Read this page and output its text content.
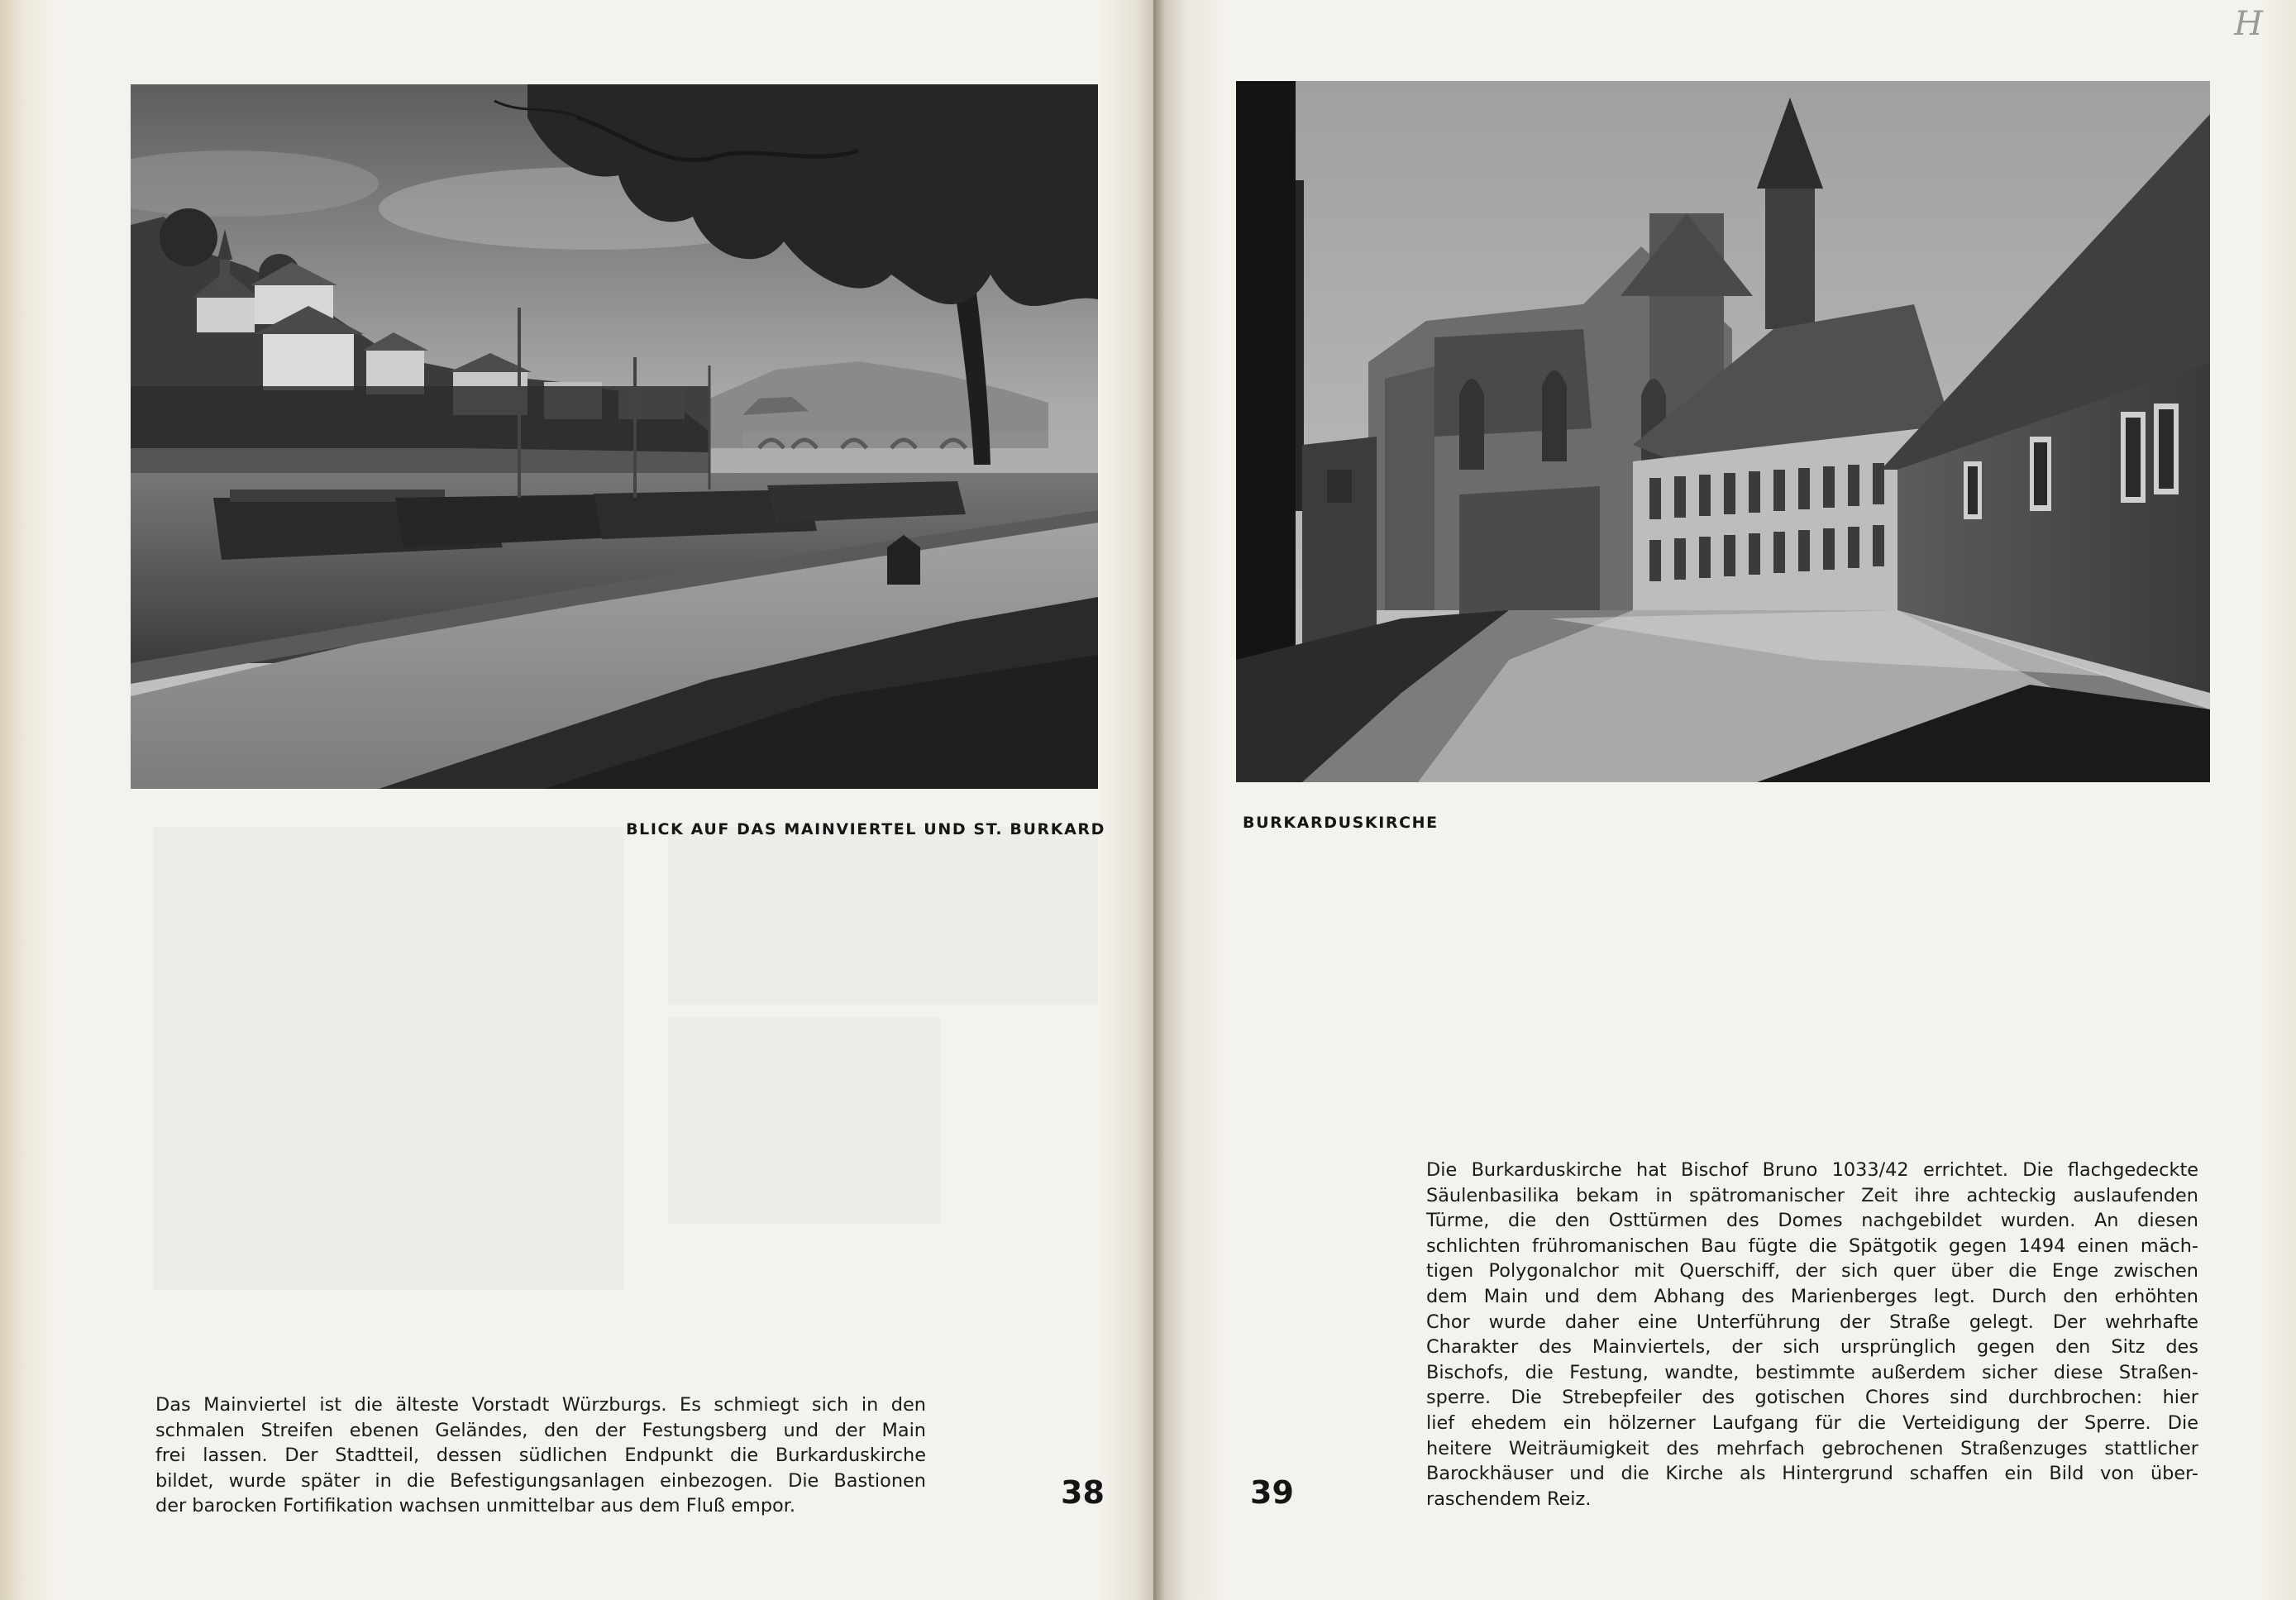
BLICK AUF DAS MAINVIERTEL UND ST. BURKARD

Das Mainviertel ist die älteste Vorstadt Würzburgs. Es schmiegt sich in den
schmalen Streifen ebenen Geländes, den der Festungsberg und der Main
frei lassen. Der Stadtteil, dessen südlichen Endpunkt die Burkarduskirche
bildet, wurde später in die Befestigungsanlagen einbezogen. Die Bastionen
der barocken Fortifikation wachsen unmittelbar aus dem Fluß empor.	38
H
BURKARDUSKIRCHE

Die Burkarduskirche hat Bischof Bruno 1033/42 errichtet. Die flachgedeckte
Säulenbasilika bekam in spätromanischer Zeit ihre achteckig auslaufenden
Türme, die den Osttürmen des Domes nachgebildet wurden. An diesen
schlichten frühromanischen Bau fügte die Spätgotik gegen 1494 einen mäch-
tigen Polygonalchor mit Querschiff, der sich quer über die Enge zwischen
dem Main und dem Abhang des Marienberges legt. Durch den erhöhten
Chor wurde daher eine Unterführung der Straße gelegt. Der wehrhafte
Charakter des Mainviertels, der sich ursprünglich gegen den Sitz des
Bischofs, die Festung, wandte, bestimmte außerdem sicher diese Straßen-
sperre. Die Strebepfeiler des gotischen Chores sind durchbrochen: hier
lief ehedem ein hölzerner Laufgang für die Verteidigung der Sperre. Die
heitere Weiträumigkeit des mehrfach gebrochenen Straßenzuges stattlicher
Barockhäuser und die Kirche als Hintergrund schaffen ein Bild von über-
raschendem Reiz.

39
